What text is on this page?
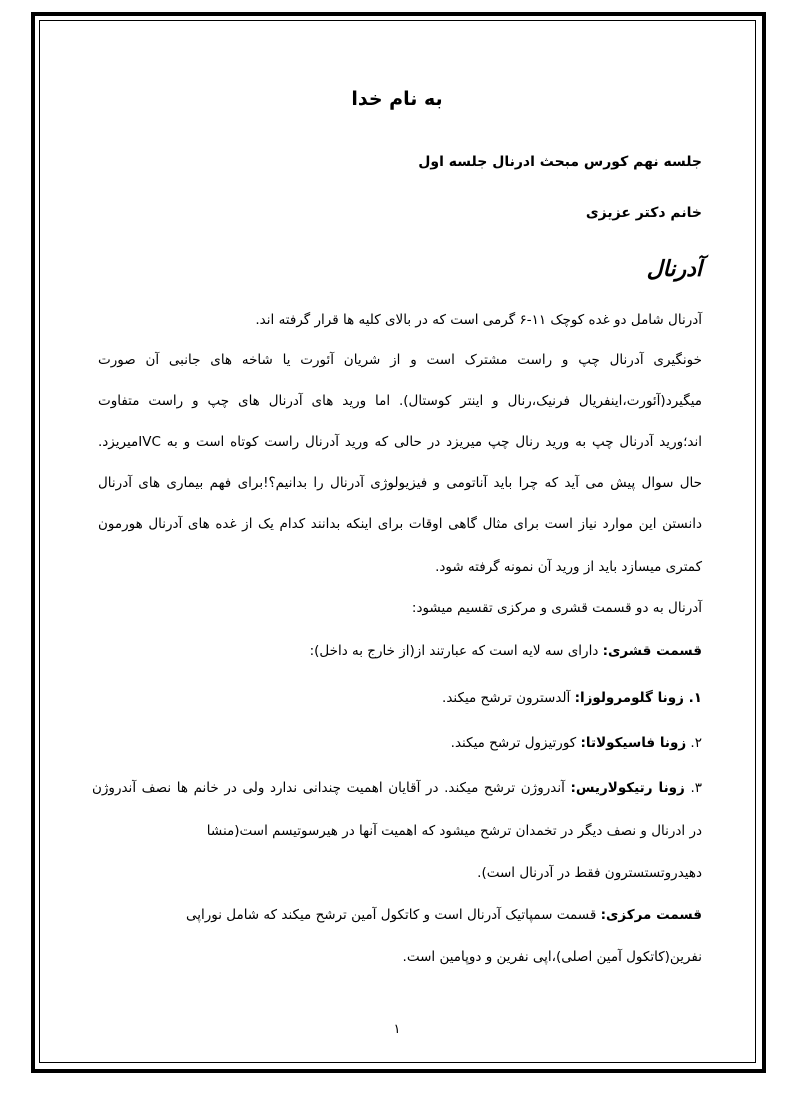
به نام خدا
جلسه نهم کورس مبحث ادرنال جلسه اول
خانم دکتر عزیزی
آدرنال
آدرنال شامل دو غده کوچک ۱۱-۶ گرمی است که در بالای کلیه ها قرار گرفته اند.
خونگیری آدرنال چپ و راست مشترک است و از شریان آئورت یا شاخه های جانبی آن صورت
میگیرد(آئورت،اینفریال فرنیک،رنال و اینتر کوستال). اما ورید های آدرنال های چپ و راست متفاوت
اند؛ورید آدرنال چپ به ورید رنال چپ میریزد در حالی که ورید آدرنال راست کوتاه است و به IVCمیریزد.
حال سوال پیش می آید که چرا باید آناتومی و فیزیولوژی آدرنال را بدانیم؟!برای فهم بیماری های آدرنال
دانستن این موارد نیاز است برای مثال گاهی اوقات برای اینکه بدانند کدام یک از غده های آدرنال هورمون
کمتری میسازد باید از ورید آن نمونه گرفته شود.
آدرنال به دو قسمت قشری و مرکزی تقسیم میشود:
قسمت قشری: دارای سه لایه است که عبارتند از(از خارج به داخل):
۱. زونا گلومرولوزا: آلدسترون ترشح میکند.
۲. زونا فاسیکولاتا: کورتیزول ترشح میکند.
۳. زونا رتیکولاریس: آندروژن ترشح میکند. در آقایان اهمیت چندانی ندارد ولی در خانم ها نصف آندروژن
در ادرنال و نصف دیگر در تخمدان ترشح میشود که اهمیت آنها در هیرسوتیسم است(منشا
دهیدروتستسترون فقط در آدرنال است).
قسمت مرکزی: قسمت سمپاتیک آدرنال است و کاتکول آمین ترشح میکند که شامل نوراپی
نفرین(کاتکول آمین اصلی)،اپی نفرین و دوپامین است.
۱
